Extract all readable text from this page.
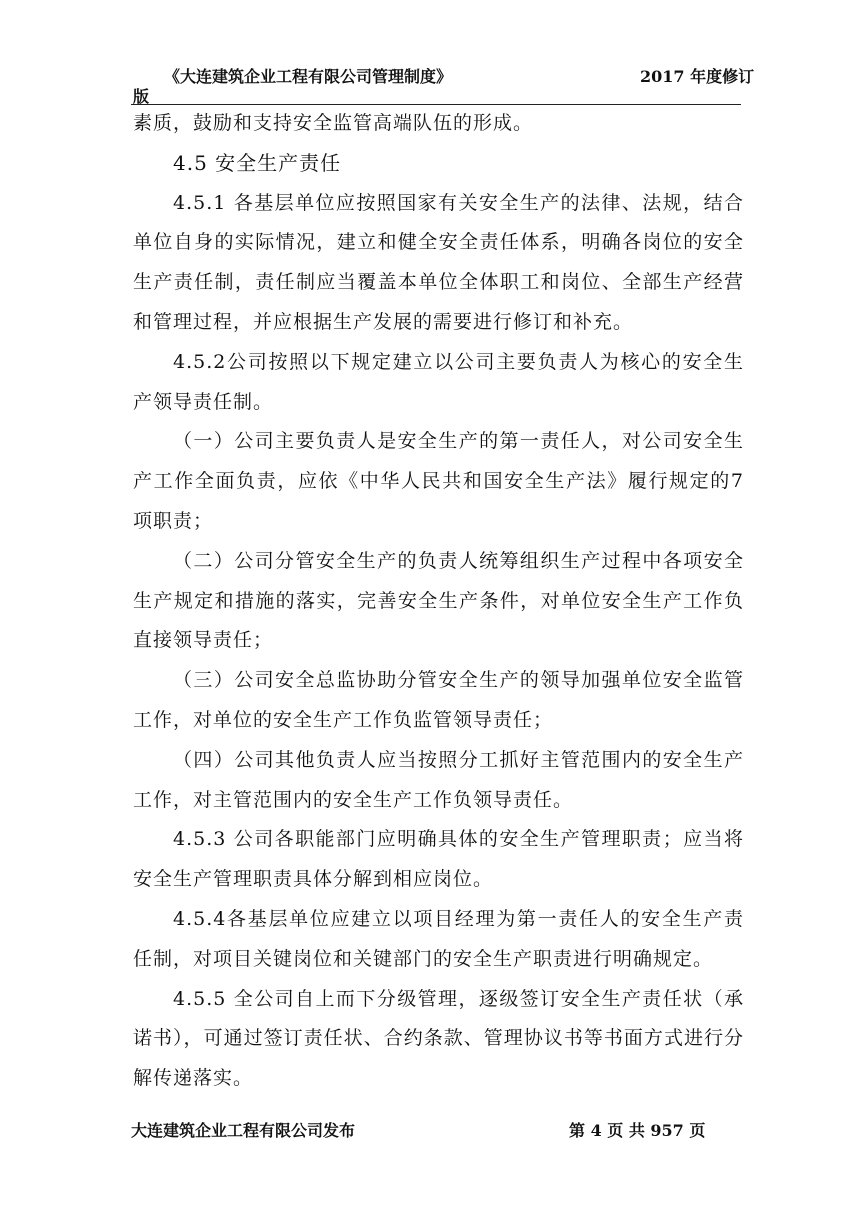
《大连建筑企业工程有限公司管理制度》	2017 年度修订
版

素质，鼓励和支持安全监管高端队伍的形成。

4.5 安全生产责任

4.5.1 各基层单位应按照国家有关安全生产的法律、法规，结合单位自身的实际情况，建立和健全安全责任体系，明确各岗位的安全生产责任制，责任制应当覆盖本单位全体职工和岗位、全部生产经营和管理过程，并应根据生产发展的需要进行修订和补充。

4.5.2公司按照以下规定建立以公司主要负责人为核心的安全生产领导责任制。

（一）公司主要负责人是安全生产的第一责任人，对公司安全生产工作全面负责，应依《中华人民共和国安全生产法》履行规定的7项职责；

（二）公司分管安全生产的负责人统筹组织生产过程中各项安全生产规定和措施的落实，完善安全生产条件，对单位安全生产工作负直接领导责任；

（三）公司安全总监协助分管安全生产的领导加强单位安全监管工作，对单位的安全生产工作负监管领导责任；

（四）公司其他负责人应当按照分工抓好主管范围内的安全生产工作，对主管范围内的安全生产工作负领导责任。

4.5.3 公司各职能部门应明确具体的安全生产管理职责；应当将安全生产管理职责具体分解到相应岗位。

4.5.4各基层单位应建立以项目经理为第一责任人的安全生产责任制，对项目关键岗位和关键部门的安全生产职责进行明确规定。

4.5.5 全公司自上而下分级管理，逐级签订安全生产责任状（承诺书），可通过签订责任状、合约条款、管理协议书等书面方式进行分解传递落实。

大连建筑企业工程有限公司发布	第 4 页 共 957 页
